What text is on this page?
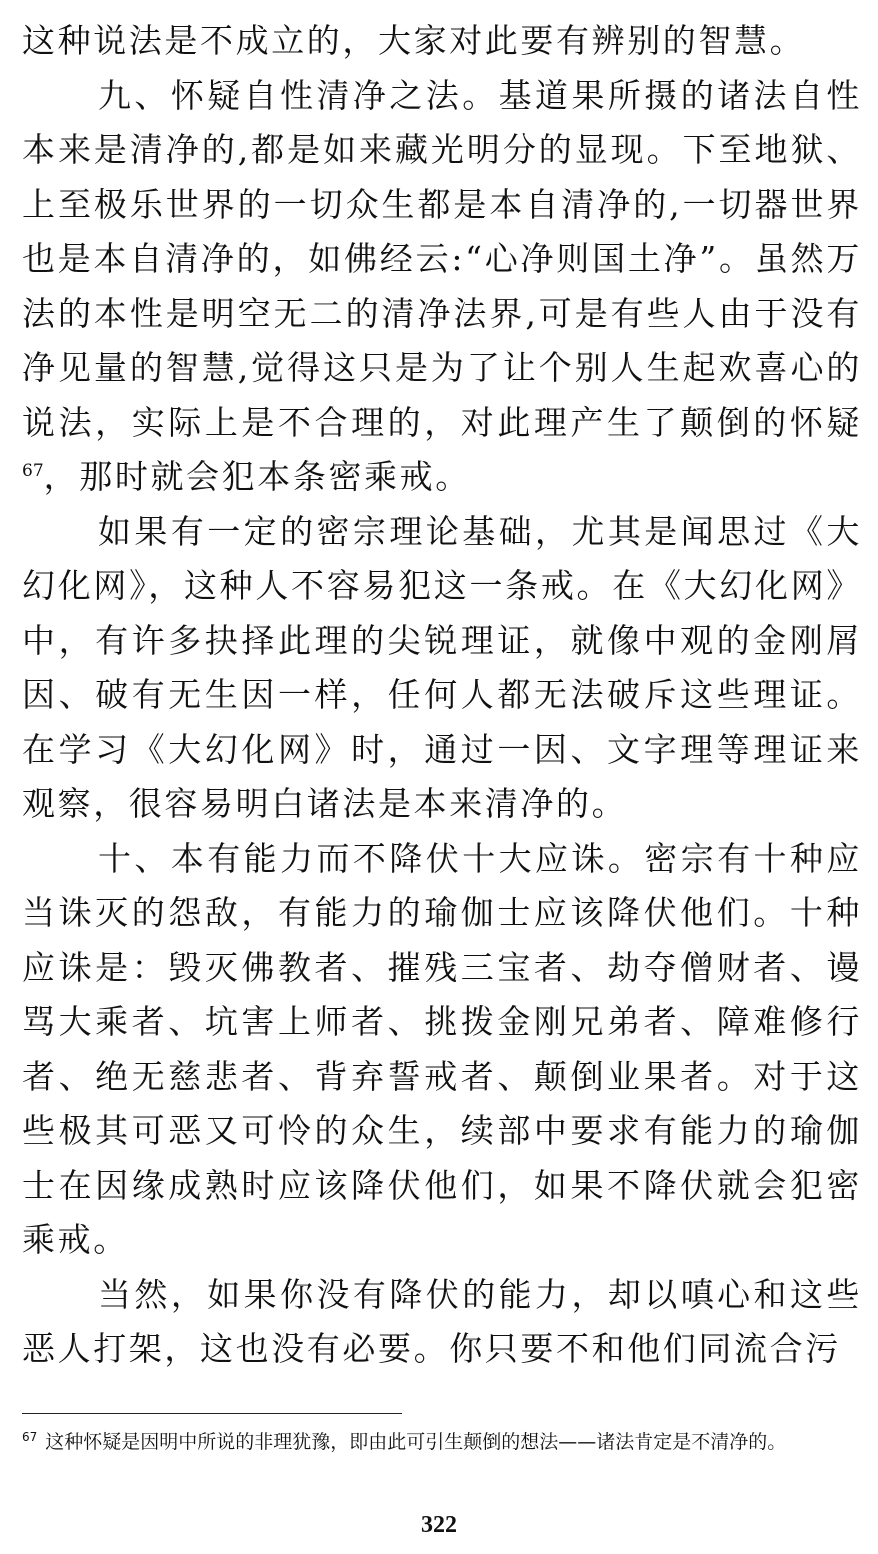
这种说法是不成立的，大家对此要有辨别的智慧。

九、怀疑自性清净之法。基道果所摄的诸法自性本来是清净的,都是如来藏光明分的显现。下至地狱、上至极乐世界的一切众生都是本自清净的,一切器世界也是本自清净的，如佛经云:“心净则国土净”。虽然万法的本性是明空无二的清净法界,可是有些人由于没有净见量的智慧,觉得这只是为了让个别人生起欢喜心的说法，实际上是不合理的，对此理产生了颠倒的怀疑$^{67}$，那时就会犯本条密乘戒。

如果有一定的密宗理论基础，尤其是闻思过《大幻化网》，这种人不容易犯这一条戒。在《大幻化网》中，有许多抉择此理的尖锐理证，就像中观的金刚屑因、破有无生因一样，任何人都无法破斥这些理证。在学习《大幻化网》时，通过一因、文字理等理证来观察，很容易明白诸法是本来清净的。

十、本有能力而不降伏十大应诛。密宗有十种应当诛灭的怨敌，有能力的瑜伽士应该降伏他们。十种应诛是：毁灭佛教者、摧残三宝者、劫夺僧财者、谩骂大乘者、坑害上师者、挑拨金刚兄弟者、障难修行者、绝无慈悲者、背弃誓戒者、颠倒业果者。对于这些极其可恶又可怜的众生，续部中要求有能力的瑜伽士在因缘成熟时应该降伏他们，如果不降伏就会犯密乘戒。

当然，如果你没有降伏的能力，却以嗔心和这些恶人打架，这也没有必要。你只要不和他们同流合污

$^{67}$ 这种怀疑是因明中所说的非理犹豫，即由此可引生颠倒的想法——诸法肯定是不清净的。

322
